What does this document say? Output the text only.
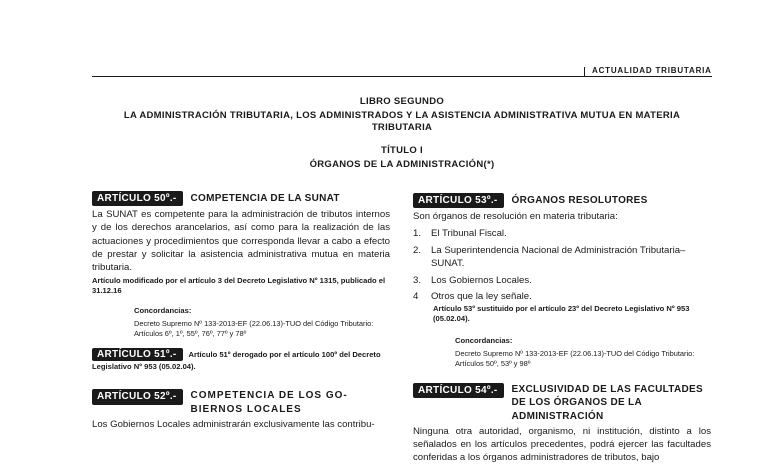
ACTUALIDAD TRIBUTARIA
LIBRO SEGUNDO
LA ADMINISTRACIÓN TRIBUTARIA, LOS ADMINISTRADOS Y LA ASISTENCIA ADMINISTRATIVA MUTUA EN MATERIA
TRIBUTARIA
TÍTULO I
ÓRGANOS DE LA ADMINISTRACIÓN(*)
ARTÍCULO 50º.-	COMPETENCIA DE LA SUNAT
La SUNAT es competente para la administración de tributos internos y de los derechos arancelarios, así como para la realización de las actuaciones y procedimientos que corresponda llevar a cabo a efecto de prestar y solicitar la asistencia administrativa mutua en materia tributaria.
Artículo modificado por el artículo 3 del Decreto Legislativo Nº 1315, publicado el 31.12.16
Concordancias:
Decreto Supremo Nº 133-2013-EF (22.06.13)-TUO del Código Tributario: Artículos 6º, 1º, 55º, 76º, 77º y 78º
ARTÍCULO 51º.- Artículo 51º derogado por el artículo 100º del Decreto Legislativo Nº 953 (05.02.04).
ARTÍCULO 52º.-	COMPETENCIA DE LOS GO-BIERNOS LOCALES
Los Gobiernos Locales administrarán exclusivamente las contribu-
ARTÍCULO 53º.-	ÓRGANOS RESOLUTORES
Son órganos de resolución en materia tributaria:
1.	El Tribunal Fiscal.
2.	La Superintendencia Nacional de Administración Tributaria–SUNAT.
3.	Los Gobiernos Locales.
4	Otros que la ley señale.
Artículo 53º sustituido por el artículo 23º del Decreto Legislativo Nº 953 (05.02.04).
Concordancias:
Decreto Supremo Nº 133-2013-EF (22.06.13)-TUO del Código Tributario: Artículos 50º, 53º y 98º
ARTÍCULO 54º.-	EXCLUSIVIDAD DE LAS FACULTADES DE LOS ÓRGANOS DE LA ADMINISTRACIÓN
Ninguna otra autoridad, organismo, ni institución, distinto a los señalados en los artículos precedentes, podrá ejercer las facultades conferidas a los órganos administradores de tributos, bajo
